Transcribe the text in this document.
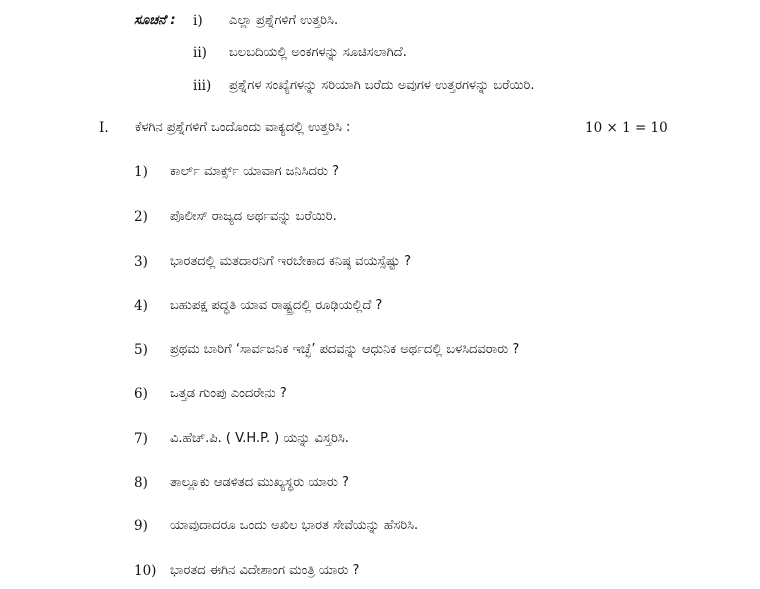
ಸೂಚನೆ : i) ಎಲ್ಲಾ ಪ್ರಶ್ನೆಗಳಿಗೆ ಉತ್ತರಿಸಿ.
ii) ಬಲಬದಿಯಲ್ಲಿ ಅಂಕಗಳನ್ನು ಸೂಚಿಸಲಾಗಿದೆ.
iii) ಪ್ರಶ್ನೆಗಳ ಸಂಖ್ಯೆಗಳನ್ನು ಸರಿಯಾಗಿ ಬರೆದು ಅವುಗಳ ಉತ್ತರಗಳನ್ನು ಬರೆಯಿರಿ.
I. ಕೆಳಗಿನ ಪ್ರಶ್ನೆಗಳಿಗೆ ಒಂದೊಂದು ವಾಕ್ಯದಲ್ಲಿ ಉತ್ತರಿಸಿ :	10 × 1 = 10
1) ಕಾರ್ಲ್ ಮಾರ್ಕ್ಸ್ ಯಾವಾಗ ಜನಿಸಿದರು ?
2) ಪೊಲೀಸ್ ರಾಜ್ಯದ ಅರ್ಥವನ್ನು ಬರೆಯಿರಿ.
3) ಭಾರತದಲ್ಲಿ ಮತದಾರನಿಗೆ ಇರಬೇಕಾದ ಕನಿಷ್ಠ ವಯಸ್ಸೆಷ್ಟು ?
4) ಬಹುಪಕ್ಷ ಪದ್ಧತಿ ಯಾವ ರಾಷ್ಟ್ರದಲ್ಲಿ ರೂಢಿಯಲ್ಲಿದೆ ?
5) ಪ್ರಥಮ ಬಾರಿಗೆ ‘ಸಾರ್ವಜನಿಕ ಇಚ್ಛೆ’ ಪದವನ್ನು ಆಧುನಿಕ ಅರ್ಥದಲ್ಲಿ ಬಳಸಿದವರಾರು ?
6) ಒತ್ತಡ ಗುಂಪು ಎಂದರೇನು ?
7) ವಿ.ಹೆಚ್.ಪಿ. ( V.H.P. ) ಯನ್ನು ವಿಸ್ತರಿಸಿ.
8) ತಾಲ್ಲೂಕು ಆಡಳಿತದ ಮುಖ್ಯಸ್ಥರು ಯಾರು ?
9) ಯಾವುದಾದರೂ ಒಂದು ಅಖಿಲ ಭಾರತ ಸೇವೆಯನ್ನು ಹೆಸರಿಸಿ.
10) ಭಾರತದ ಈಗಿನ ವಿದೇಶಾಂಗ ಮಂತ್ರಿ ಯಾರು ?
